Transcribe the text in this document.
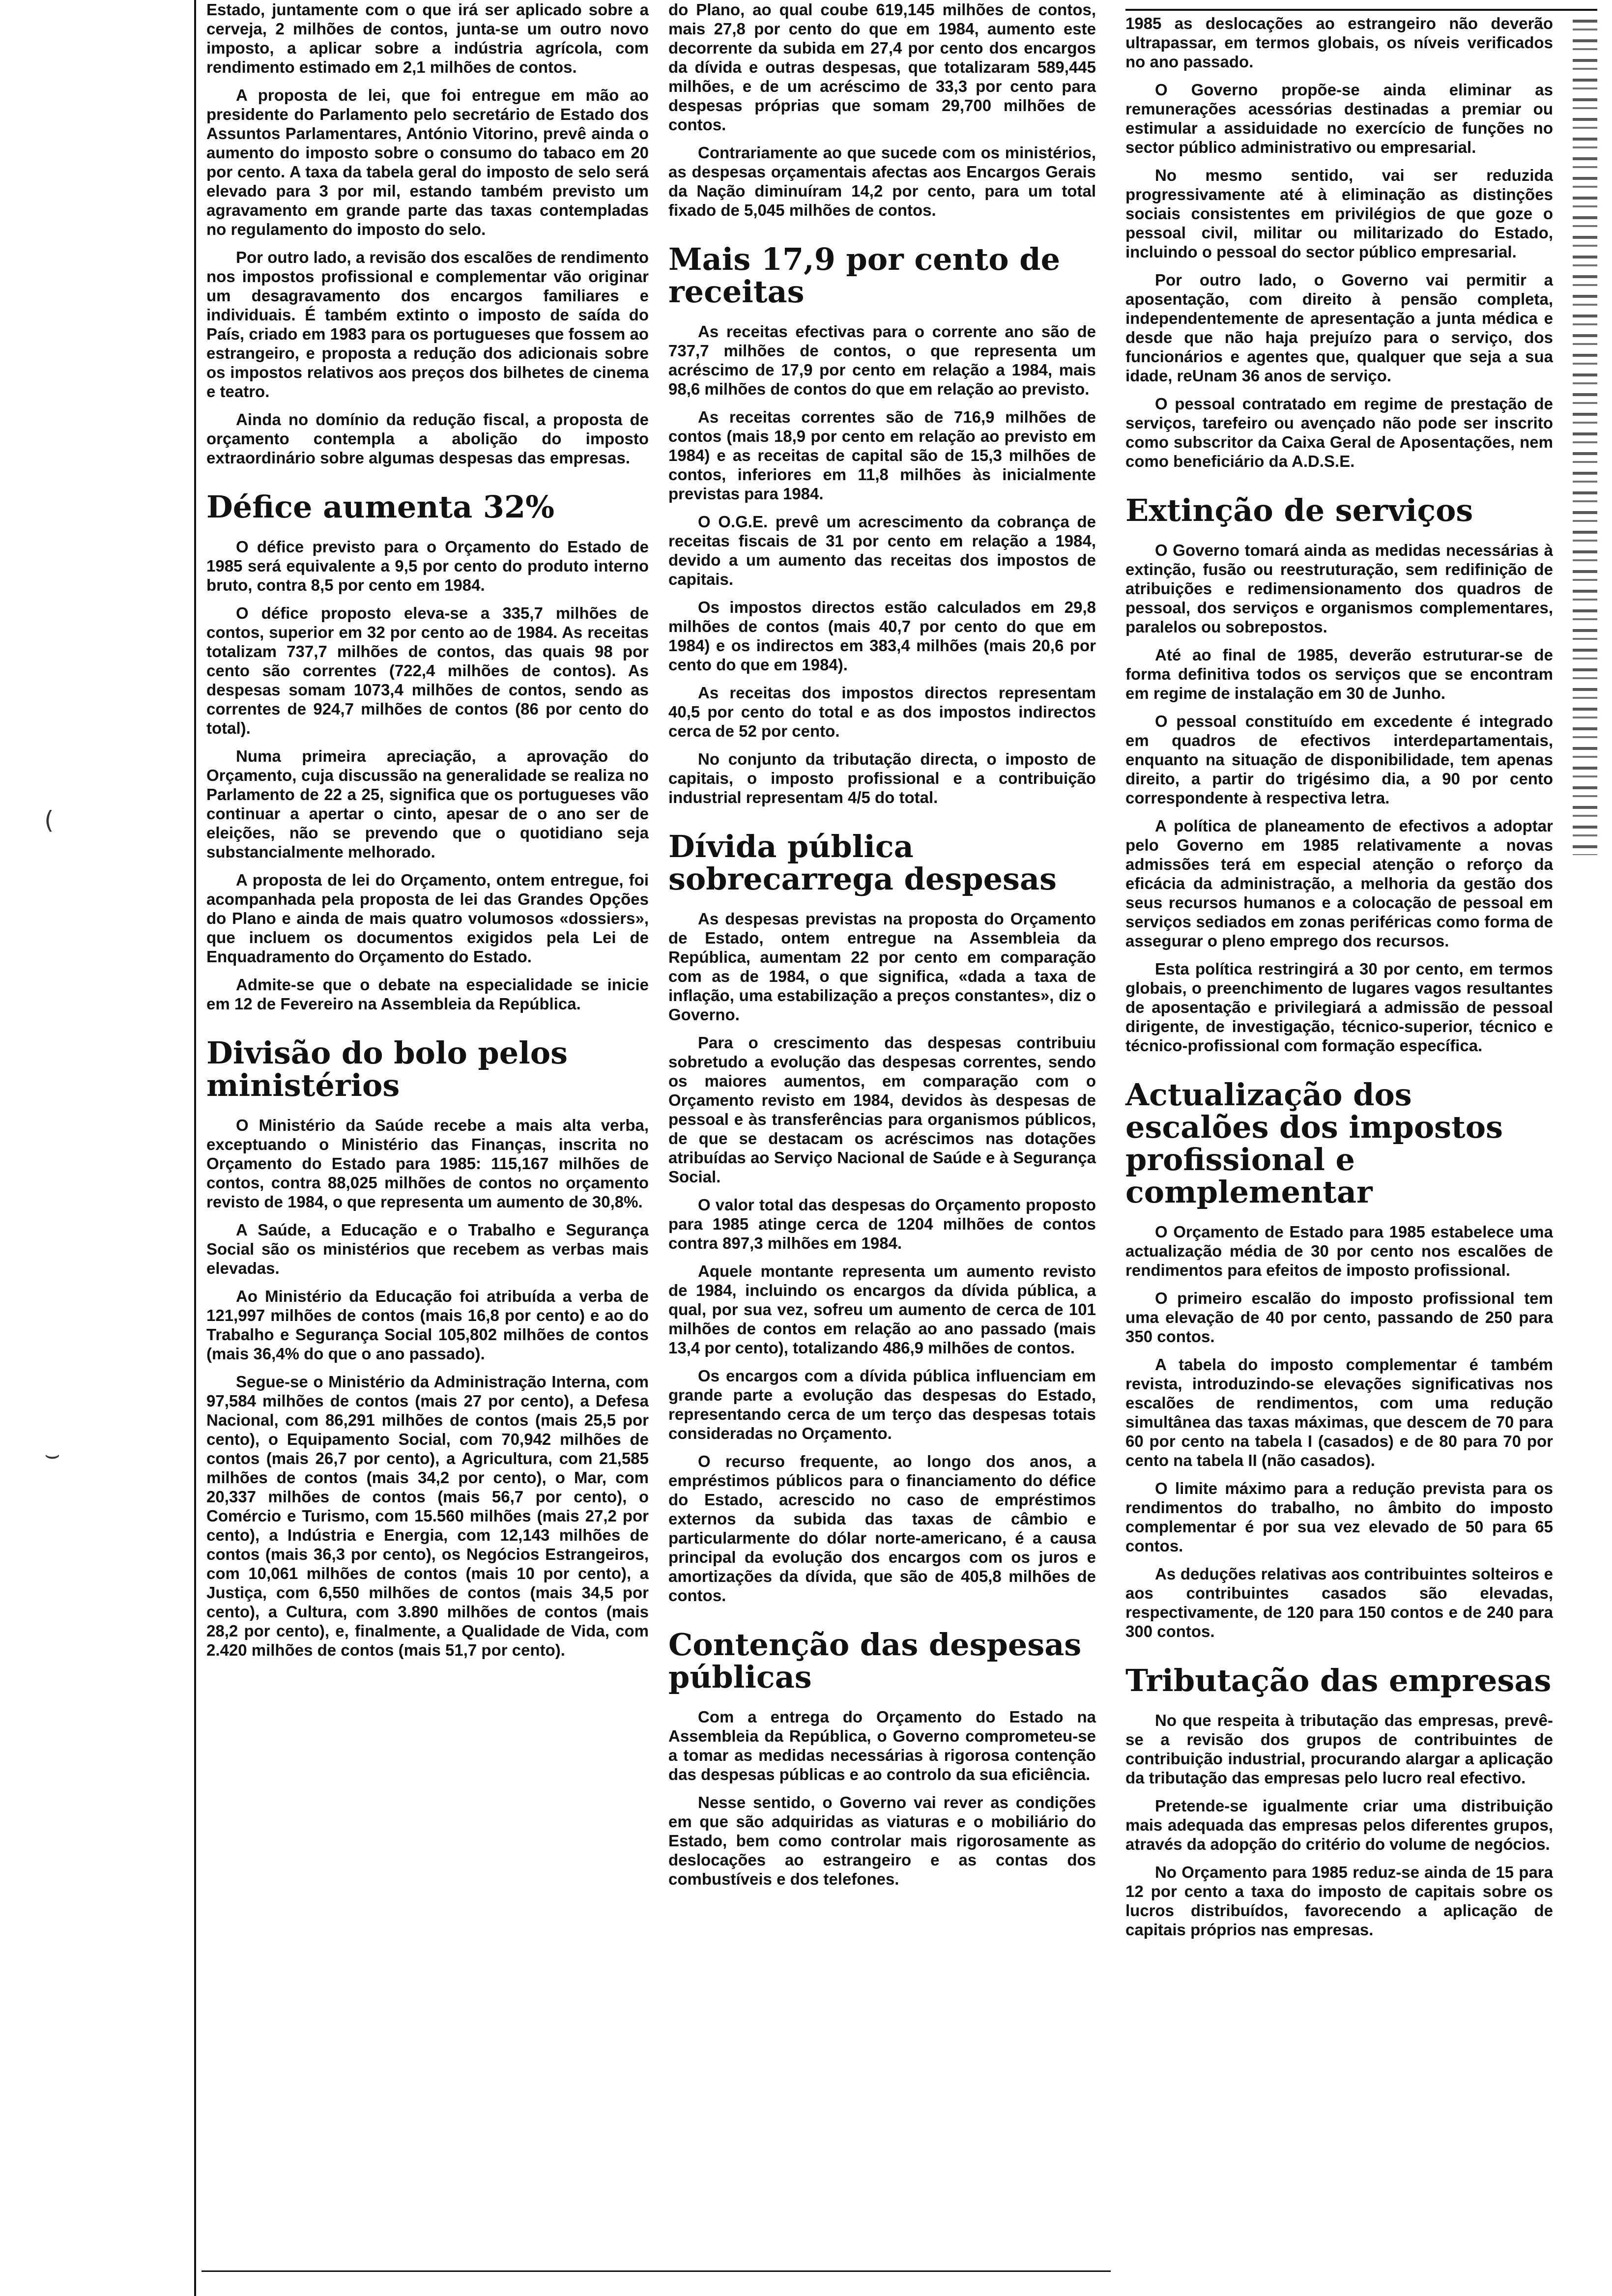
(
⌣

Estado, juntamente com o que irá ser aplicado sobre a cerveja, 2 milhões de contos, junta-se um outro novo imposto, a aplicar sobre a indústria agrícola, com rendimento estimado em 2,1 milhões de contos.

A proposta de lei, que foi entregue em mão ao presidente do Parlamento pelo secretário de Estado dos Assuntos Parlamentares, António Vitorino, prevê ainda o aumento do imposto sobre o consumo do tabaco em 20 por cento. A taxa da tabela geral do imposto de selo será elevado para 3 por mil, estando também previsto um agravamento em grande parte das taxas contempladas no regulamento do imposto do selo.

Por outro lado, a revisão dos escalões de rendimento nos impostos profissional e complementar vão originar um desagravamento dos encargos familiares e individuais. É também extinto o imposto de saída do País, criado em 1983 para os portugueses que fossem ao estrangeiro, e proposta a redução dos adicionais sobre os impostos relativos aos preços dos bilhetes de cinema e teatro.

Ainda no domínio da redução fiscal, a proposta de orçamento contempla a abolição do imposto extraordinário sobre algumas despesas das empresas.

Défice aumenta 32%

O défice previsto para o Orçamento do Estado de 1985 será equivalente a 9,5 por cento do produto interno bruto, contra 8,5 por cento em 1984.

O défice proposto eleva-se a 335,7 milhões de contos, superior em 32 por cento ao de 1984. As receitas totalizam 737,7 milhões de contos, das quais 98 por cento são correntes (722,4 milhões de contos). As despesas somam 1073,4 milhões de contos, sendo as correntes de 924,7 milhões de contos (86 por cento do total).

Numa primeira apreciação, a aprovação do Orçamento, cuja discussão na generalidade se realiza no Parlamento de 22 a 25, significa que os portugueses vão continuar a apertar o cinto, apesar de o ano ser de eleições, não se prevendo que o quotidiano seja substancialmente melhorado.

A proposta de lei do Orçamento, ontem entregue, foi acompanhada pela proposta de lei das Grandes Opções do Plano e ainda de mais quatro volumosos «dossiers», que incluem os documentos exigidos pela Lei de Enquadramento do Orçamento do Estado.

Admite-se que o debate na especialidade se inicie em 12 de Fevereiro na Assembleia da República.

Divisão do bolo pelos ministérios

O Ministério da Saúde recebe a mais alta verba, exceptuando o Ministério das Finanças, inscrita no Orçamento do Estado para 1985: 115,167 milhões de contos, contra 88,025 milhões de contos no orçamento revisto de 1984, o que representa um aumento de 30,8%.

A Saúde, a Educação e o Trabalho e Segurança Social são os ministérios que recebem as verbas mais elevadas.

Ao Ministério da Educação foi atribuída a verba de 121,997 milhões de contos (mais 16,8 por cento) e ao do Trabalho e Segurança Social 105,802 milhões de contos (mais 36,4% do que o ano passado).

Segue-se o Ministério da Administração Interna, com 97,584 milhões de contos (mais 27 por cento), a Defesa Nacional, com 86,291 milhões de contos (mais 25,5 por cento), o Equipamento Social, com 70,942 milhões de contos (mais 26,7 por cento), a Agricultura, com 21,585 milhões de contos (mais 34,2 por cento), o Mar, com 20,337 milhões de contos (mais 56,7 por cento), o Comércio e Turismo, com 15.560 milhões (mais 27,2 por cento), a Indústria e Energia, com 12,143 milhões de contos (mais 36,3 por cento), os Negócios Estrangeiros, com 10,061 milhões de contos (mais 10 por cento), a Justiça, com 6,550 milhões de contos (mais 34,5 por cento), a Cultura, com 3.890 milhões de contos (mais 28,2 por cento), e, finalmente, a Qualidade de Vida, com 2.420 milhões de contos (mais 51,7 por cento).

do Plano, ao qual coube 619,145 milhões de contos, mais 27,8 por cento do que em 1984, aumento este decorrente da subida em 27,4 por cento dos encargos da dívida e outras despesas, que totalizaram 589,445 milhões, e de um acréscimo de 33,3 por cento para despesas próprias que somam 29,700 milhões de contos.

Contrariamente ao que sucede com os ministérios, as despesas orçamentais afectas aos Encargos Gerais da Nação diminuíram 14,2 por cento, para um total fixado de 5,045 milhões de contos.

Mais 17,9 por cento de receitas

As receitas efectivas para o corrente ano são de 737,7 milhões de contos, o que representa um acréscimo de 17,9 por cento em relação a 1984, mais 98,6 milhões de contos do que em relação ao previsto.

As receitas correntes são de 716,9 milhões de contos (mais 18,9 por cento em relação ao previsto em 1984) e as receitas de capital são de 15,3 milhões de contos, inferiores em 11,8 milhões às inicialmente previstas para 1984.

O O.G.E. prevê um acrescimento da cobrança de receitas fiscais de 31 por cento em relação a 1984, devido a um aumento das receitas dos impostos de capitais.

Os impostos directos estão calculados em 29,8 milhões de contos (mais 40,7 por cento do que em 1984) e os indirectos em 383,4 milhões (mais 20,6 por cento do que em 1984).

As receitas dos impostos directos representam 40,5 por cento do total e as dos impostos indirectos cerca de 52 por cento.

No conjunto da tributação directa, o imposto de capitais, o imposto profissional e a contribuição industrial representam 4/5 do total.

Dívida pública sobrecarrega despesas

As despesas previstas na proposta do Orçamento de Estado, ontem entregue na Assembleia da República, aumentam 22 por cento em comparação com as de 1984, o que significa, «dada a taxa de inflação, uma estabilização a preços constantes», diz o Governo.

Para o crescimento das despesas contribuiu sobretudo a evolução das despesas correntes, sendo os maiores aumentos, em comparação com o Orçamento revisto em 1984, devidos às despesas de pessoal e às transferências para organismos públicos, de que se destacam os acréscimos nas dotações atribuídas ao Serviço Nacional de Saúde e à Segurança Social.

O valor total das despesas do Orçamento proposto para 1985 atinge cerca de 1204 milhões de contos contra 897,3 milhões em 1984.

Aquele montante representa um aumento revisto de 1984, incluindo os encargos da dívida pública, a qual, por sua vez, sofreu um aumento de cerca de 101 milhões de contos em relação ao ano passado (mais 13,4 por cento), totalizando 486,9 milhões de contos.

Os encargos com a dívida pública influenciam em grande parte a evolução das despesas do Estado, representando cerca de um terço das despesas totais consideradas no Orçamento.

O recurso frequente, ao longo dos anos, a empréstimos públicos para o financiamento do défice do Estado, acrescido no caso de empréstimos externos da subida das taxas de câmbio e particularmente do dólar norte-americano, é a causa principal da evolução dos encargos com os juros e amortizações da dívida, que são de 405,8 milhões de contos.

Contenção das despesas públicas

Com a entrega do Orçamento do Estado na Assembleia da República, o Governo comprometeu-se a tomar as medidas necessárias à rigorosa contenção das despesas públicas e ao controlo da sua eficiência.

Nesse sentido, o Governo vai rever as condições em que são adquiridas as viaturas e o mobiliário do Estado, bem como controlar mais rigorosamente as deslocações ao estrangeiro e as contas dos combustíveis e dos telefones.

1985 as deslocações ao estrangeiro não deverão ultrapassar, em termos globais, os níveis verificados no ano passado.

O Governo propõe-se ainda eliminar as remunerações acessórias destinadas a premiar ou estimular a assiduidade no exercício de funções no sector público administrativo ou empresarial.

No mesmo sentido, vai ser reduzida progressivamente até à eliminação as distinções sociais consistentes em privilégios de que goze o pessoal civil, militar ou militarizado do Estado, incluindo o pessoal do sector público empresarial.

Por outro lado, o Governo vai permitir a aposentação, com direito à pensão completa, independentemente de apresentação a junta médica e desde que não haja prejuízo para o serviço, dos funcionários e agentes que, qualquer que seja a sua idade, reUnam 36 anos de serviço.

O pessoal contratado em regime de prestação de serviços, tarefeiro ou avençado não pode ser inscrito como subscritor da Caixa Geral de Aposentações, nem como beneficiário da A.D.S.E.

Extinção de serviços

O Governo tomará ainda as medidas necessárias à extinção, fusão ou reestruturação, sem redifinição de atribuições e redimensionamento dos quadros de pessoal, dos serviços e organismos complementares, paralelos ou sobrepostos.

Até ao final de 1985, deverão estruturar-se de forma definitiva todos os serviços que se encontram em regime de instalação em 30 de Junho.

O pessoal constituído em excedente é integrado em quadros de efectivos interdepartamentais, enquanto na situação de disponibilidade, tem apenas direito, a partir do trigésimo dia, a 90 por cento correspondente à respectiva letra.

A política de planeamento de efectivos a adoptar pelo Governo em 1985 relativamente a novas admissões terá em especial atenção o reforço da eficácia da administração, a melhoria da gestão dos seus recursos humanos e a colocação de pessoal em serviços sediados em zonas periféricas como forma de assegurar o pleno emprego dos recursos.

Esta política restringirá a 30 por cento, em termos globais, o preenchimento de lugares vagos resultantes de aposentação e privilegiará a admissão de pessoal dirigente, de investigação, técnico-superior, técnico e técnico-profissional com formação específica.

Actualização dos escalões dos impostos profissional e complementar

O Orçamento de Estado para 1985 estabelece uma actualização média de 30 por cento nos escalões de rendimentos para efeitos de imposto profissional.

O primeiro escalão do imposto profissional tem uma elevação de 40 por cento, passando de 250 para 350 contos.

A tabela do imposto complementar é também revista, introduzindo-se elevações significativas nos escalões de rendimentos, com uma redução simultânea das taxas máximas, que descem de 70 para 60 por cento na tabela I (casados) e de 80 para 70 por cento na tabela II (não casados).

O limite máximo para a redução prevista para os rendimentos do trabalho, no âmbito do imposto complementar é por sua vez elevado de 50 para 65 contos.

As deduções relativas aos contribuintes solteiros e aos contribuintes casados são elevadas, respectivamente, de 120 para 150 contos e de 240 para 300 contos.

Tributação das empresas

No que respeita à tributação das empresas, prevê-se a revisão dos grupos de contribuintes de contribuição industrial, procurando alargar a aplicação da tributação das empresas pelo lucro real efectivo.

Pretende-se igualmente criar uma distribuição mais adequada das empresas pelos diferentes grupos, através da adopção do critério do volume de negócios.

No Orçamento para 1985 reduz-se ainda de 15 para 12 por cento a taxa do imposto de capitais sobre os lucros distribuídos, favorecendo a aplicação de capitais próprios nas empresas.
